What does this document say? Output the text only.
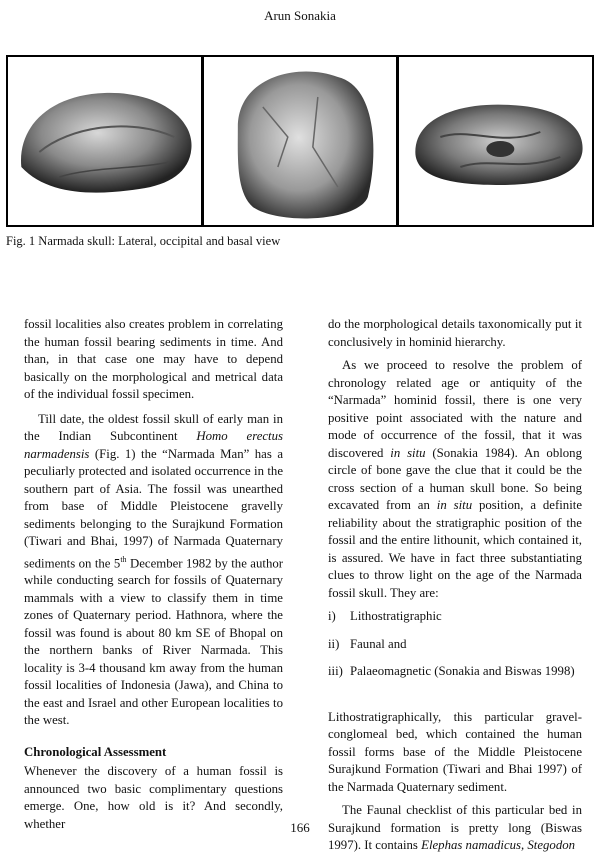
Arun Sonakia
Fig. 1 Narmada skull: Lateral, occipital and basal view

fossil localities also creates problem in correlating the human fossil bearing sediments in time. And than, in that case one may have to depend basically on the morphological and metrical data of the individual fossil specimen.

Till date, the oldest fossil skull of early man in the Indian Subcontinent Homo erectus narmadensis (Fig. 1) the “Narmada Man” has a peculiarly protected and isolated occurrence in the southern part of Asia. The fossil was unearthed from base of Middle Pleistocene gravelly sediments belonging to the Surajkund Formation (Tiwari and Bhai, 1997) of Narmada Quaternary sediments on the 5th December 1982 by the author while conducting search for fossils of Quaternary mammals with a view to classify them in time zones of Quaternary period. Hathnora, where the fossil was found is about 80 km SE of Bhopal on the northern banks of River Narmada. This locality is 3-4 thousand km away from the human fossil localities of Indonesia (Jawa), and China to the east and Israel and other European localities to the west.

Chronological Assessment

Whenever the discovery of a human fossil is announced two basic complimentary questions emerge. One, how old is it? And secondly, whether

do the morphological details taxonomically put it conclusively in hominid hierarchy.

As we proceed to resolve the problem of chronology related age or antiquity of the “Narmada” hominid fossil, there is one very positive point associated with the nature and mode of occurrence of the fossil, that it was discovered in situ (Sonakia 1984). An oblong circle of bone gave the clue that it could be the cross section of a human skull bone. So being excavated from an in situ position, a definite reliability about the stratigraphic position of the fossil and the entire lithounit, which contained it, is assured. We have in fact three substantiating clues to throw light on the age of the Narmada fossil skull. They are:

i) Lithostratigraphic
ii) Faunal and
iii) Palaeomagnetic (Sonakia and Biswas 1998)

Lithostratigraphically, this particular gravel-conglomeal bed, which contained the human fossil forms base of the Middle Pleistocene Surajkund Formation (Tiwari and Bhai 1997) of the Narmada Quaternary sediment.

The Faunal checklist of this particular bed in Surajkund formation is pretty long (Biswas 1997). It contains Elephas namadicus, Stegodon

166
